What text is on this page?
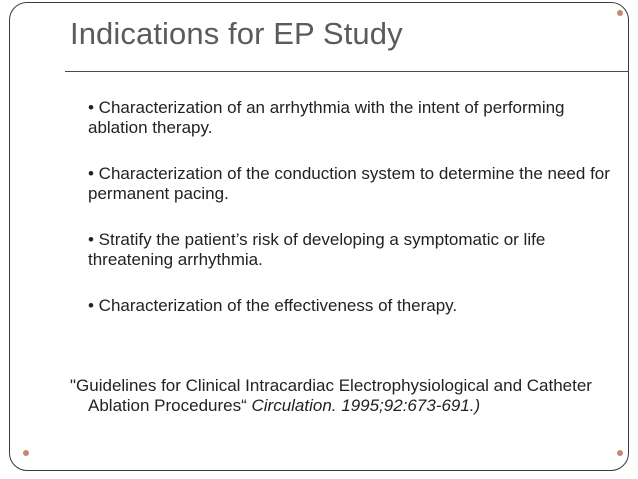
Indications for EP Study
• Characterization of an arrhythmia with the intent of performing ablation therapy.
• Characterization of the conduction system to determine the need for permanent pacing.
• Stratify the patient’s risk of developing a symptomatic or life threatening arrhythmia.
• Characterization of the effectiveness of therapy.

"Guidelines for Clinical Intracardiac Electrophysiological and Catheter Ablation Procedures“ Circulation. 1995;92:673-691.)
